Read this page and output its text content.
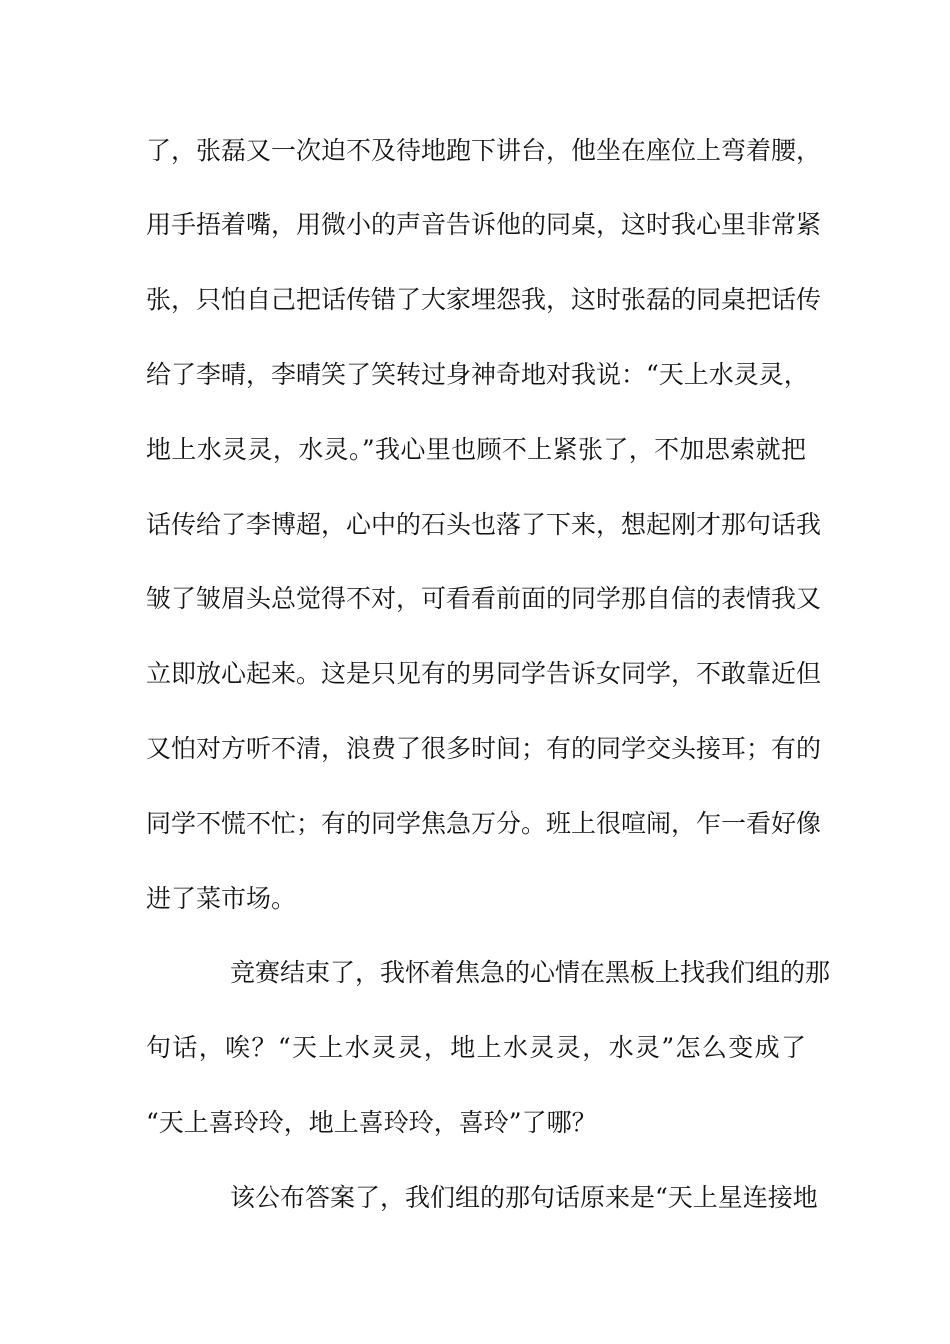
了，张磊又一次迫不及待地跑下讲台，他坐在座位上弯着腰，
用手捂着嘴，用微小的声音告诉他的同桌，这时我心里非常紧
张，只怕自己把话传错了大家埋怨我，这时张磊的同桌把话传
给了李晴，李晴笑了笑转过身神奇地对我说：“天上水灵灵，
地上水灵灵，水灵。”我心里也顾不上紧张了，不加思索就把
话传给了李博超，心中的石头也落了下来，想起刚才那句话我
皱了皱眉头总觉得不对，可看看前面的同学那自信的表情我又
立即放心起来。这是只见有的男同学告诉女同学，不敢靠近但
又怕对方听不清，浪费了很多时间；有的同学交头接耳；有的
同学不慌不忙；有的同学焦急万分。班上很喧闹，乍一看好像
进了菜市场。
竞赛结束了，我怀着焦急的心情在黑板上找我们组的那
句话，唉？“天上水灵灵，地上水灵灵，水灵”怎么变成了
“天上喜玲玲，地上喜玲玲，喜玲”了哪？
该公布答案了，我们组的那句话原来是“天上星连接地
